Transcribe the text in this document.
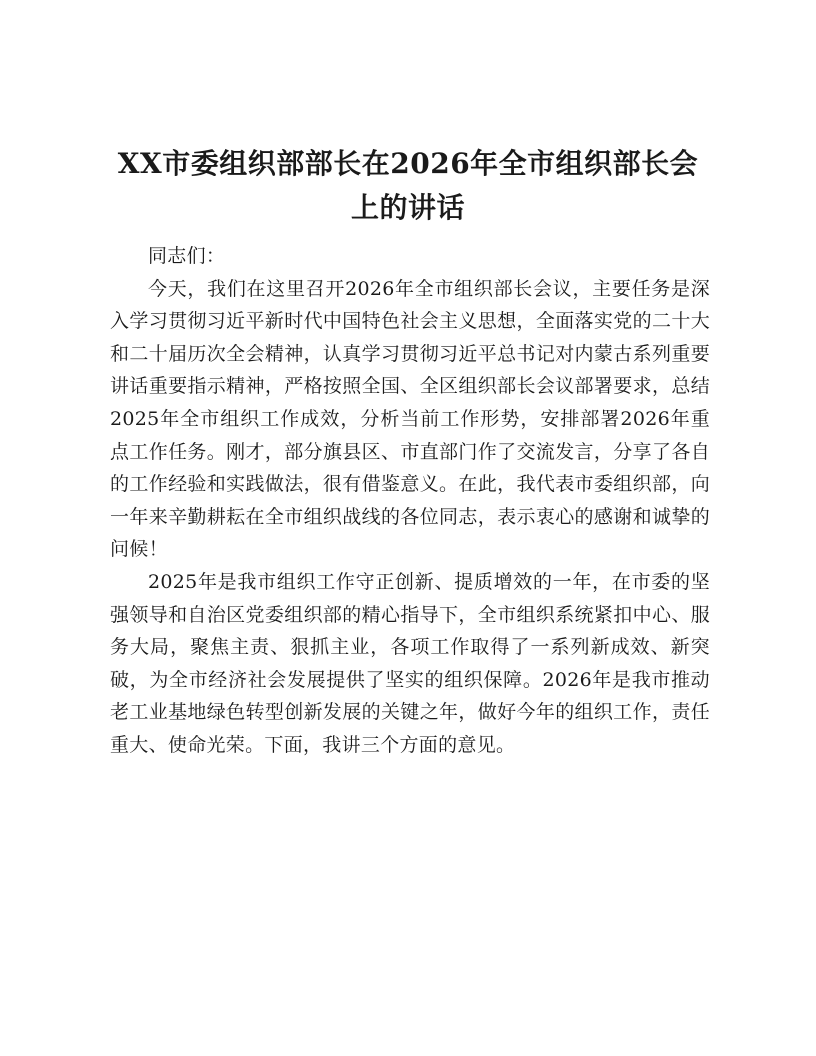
XX市委组织部部长在2026年全市组织部长会上的讲话

同志们：

今天，我们在这里召开2026年全市组织部长会议，主要任务是深入学习贯彻习近平新时代中国特色社会主义思想，全面落实党的二十大和二十届历次全会精神，认真学习贯彻习近平总书记对内蒙古系列重要讲话重要指示精神，严格按照全国、全区组织部长会议部署要求，总结2025年全市组织工作成效，分析当前工作形势，安排部署2026年重点工作任务。刚才，部分旗县区、市直部门作了交流发言，分享了各自的工作经验和实践做法，很有借鉴意义。在此，我代表市委组织部，向一年来辛勤耕耘在全市组织战线的各位同志，表示衷心的感谢和诚挚的问候！

2025年是我市组织工作守正创新、提质增效的一年，在市委的坚强领导和自治区党委组织部的精心指导下，全市组织系统紧扣中心、服务大局，聚焦主责、狠抓主业，各项工作取得了一系列新成效、新突破，为全市经济社会发展提供了坚实的组织保障。2026年是我市推动老工业基地绿色转型创新发展的关键之年，做好今年的组织工作，责任重大、使命光荣。下面，我讲三个方面的意见。
